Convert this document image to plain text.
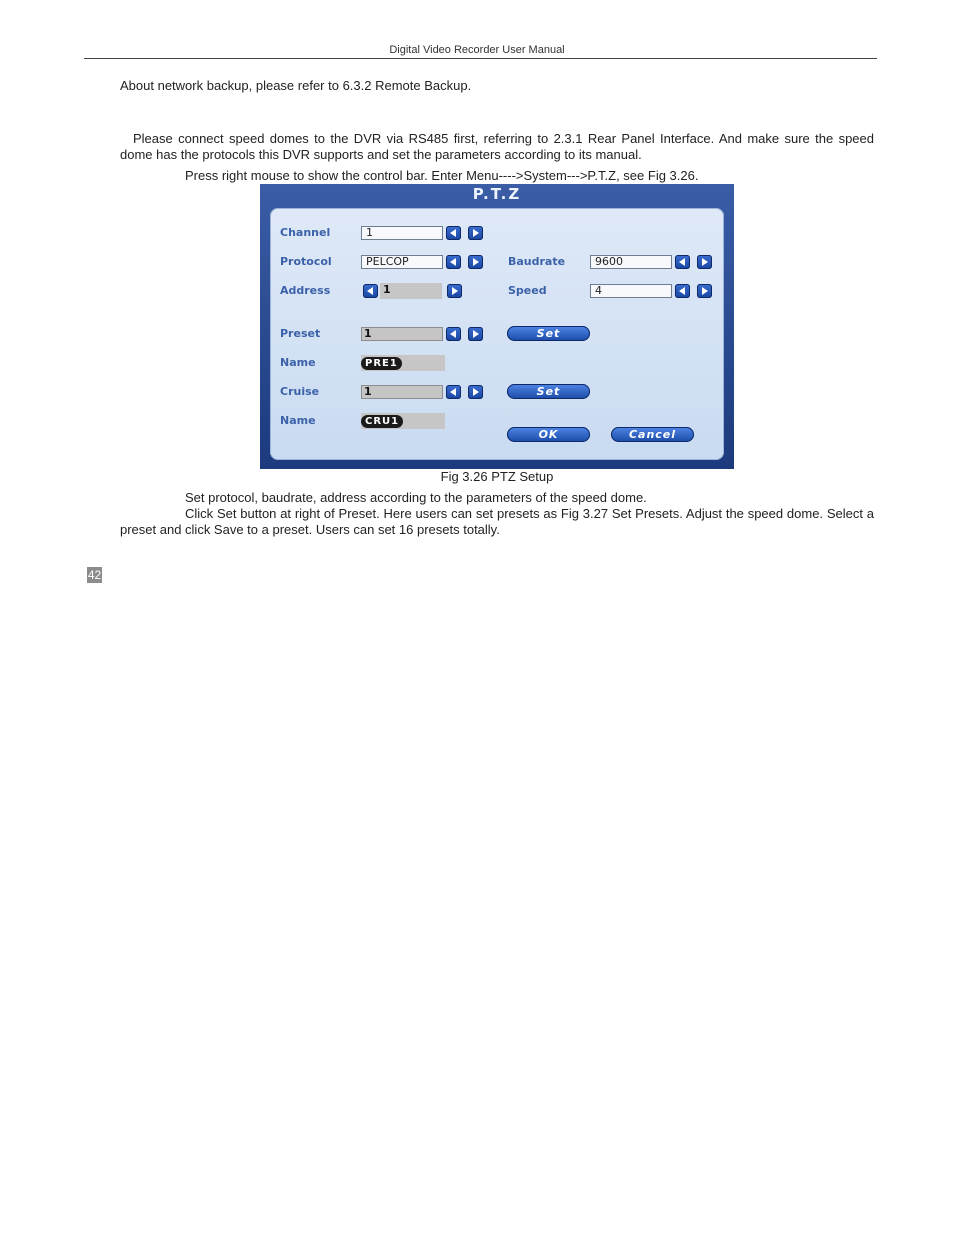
Digital Video Recorder User Manual
About network backup, please refer to 6.3.2 Remote Backup.
Please connect speed domes to the DVR via RS485 first, referring to 2.3.1 Rear Panel Interface. And make sure the speed dome has the protocols this DVR supports and set the parameters according to its manual.
Press right mouse to show the control bar. Enter Menu---->System--->P.T.Z, see Fig 3.26.
P.T.Z
Channel	1
Protocol	PELCOP	Baudrate	9600
Address	1	Speed	4
Preset	1	Set
Name	PRE1
Cruise	1	Set
Name	CRU1
OK	Cancel
Fig 3.26 PTZ Setup
Set protocol, baudrate, address according to the parameters of the speed dome.
Click Set button at right of Preset. Here users can set presets as Fig 3.27 Set Presets. Adjust the speed dome. Select a preset and click Save to a preset. Users can set 16 presets totally.
42
